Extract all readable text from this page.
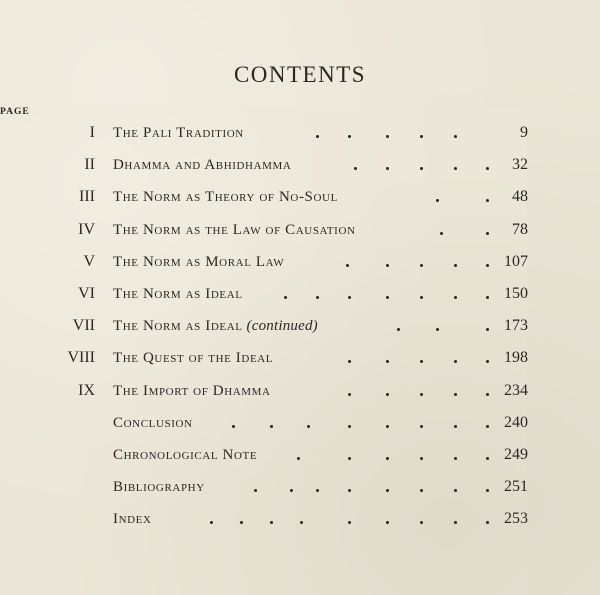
CONTENTS
PAGE
I The Pali Tradition	9
II Dhamma and Abhidhamma	32
III The Norm as Theory of No-Soul	48
IV The Norm as the Law of Causation	78
V The Norm as Moral Law	107
VI The Norm as Ideal	150
VII The Norm as Ideal (continued)	173
VIII The Quest of the Ideal	198
IX The Import of Dhamma	234
Conclusion	240
Chronological Note	249
Bibliography	251
Index	253
